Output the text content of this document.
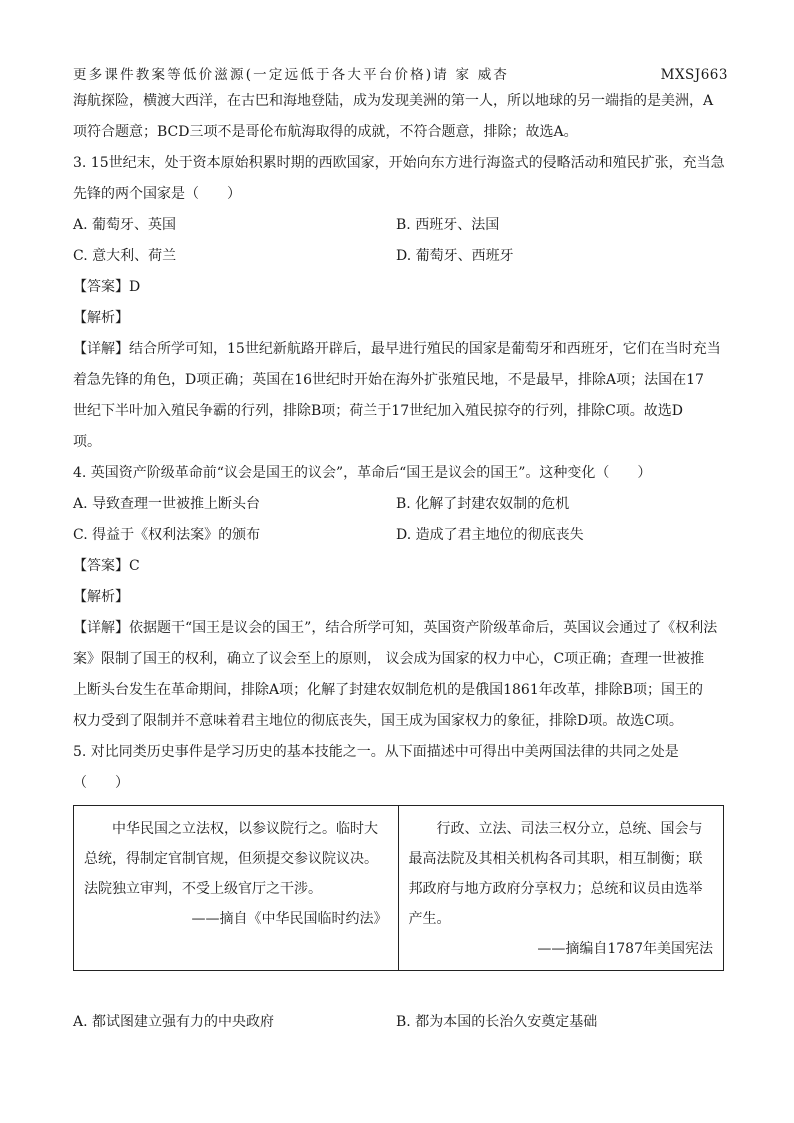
更多课件教案等低价滋源(一定远低于各大平台价格)请 家 威杏	MXSJ663
海航探险，横渡大西洋，在古巴和海地登陆，成为发现美洲的第一人，所以地球的另一端指的是美洲，A
项符合题意；BCD三项不是哥伦布航海取得的成就，不符合题意，排除；故选A。
3. 15世纪末，处于资本原始积累时期的西欧国家，开始向东方进行海盗式的侵略活动和殖民扩张，充当急
先锋的两个国家是（　　）
A. 葡萄牙、英国	B. 西班牙、法国
C. 意大利、荷兰	D. 葡萄牙、西班牙
【答案】D
【解析】
【详解】结合所学可知，15世纪新航路开辟后，最早进行殖民的国家是葡萄牙和西班牙，它们在当时充当
着急先锋的角色，D项正确；英国在16世纪时开始在海外扩张殖民地，不是最早，排除A项；法国在17
世纪下半叶加入殖民争霸的行列，排除B项；荷兰于17世纪加入殖民掠夺的行列，排除C项。故选D
项。
4. 英国资产阶级革命前“议会是国王的议会”，革命后“国王是议会的国王”。这种变化（　　）
A. 导致查理一世被推上断头台	B. 化解了封建农奴制的危机
C. 得益于《权利法案》的颁布	D. 造成了君主地位的彻底丧失
【答案】C
【解析】
【详解】依据题干“国王是议会的国王”，结合所学可知，英国资产阶级革命后，英国议会通过了《权利法
案》限制了国王的权利，确立了议会至上的原则， 议会成为国家的权力中心，C项正确；查理一世被推
上断头台发生在革命期间，排除A项；化解了封建农奴制危机的是俄国1861年改革，排除B项；国王的
权力受到了限制并不意味着君主地位的彻底丧失，国王成为国家权力的象征，排除D项。故选C项。
5. 对比同类历史事件是学习历史的基本技能之一。从下面描述中可得出中美两国法律的共同之处是
（　　）
中华民国之立法权，以参议院行之。临时大总统，得制定官制官规，但须提交参议院议决。法院独立审判，不受上级官厅之干涉。
——摘自《中华民国临时约法》
行政、立法、司法三权分立，总统、国会与最高法院及其相关机构各司其职，相互制衡；联邦政府与地方政府分享权力；总统和议员由选举产生。
——摘编自1787年美国宪法
A. 都试图建立强有力的中央政府	B. 都为本国的长治久安奠定基础
